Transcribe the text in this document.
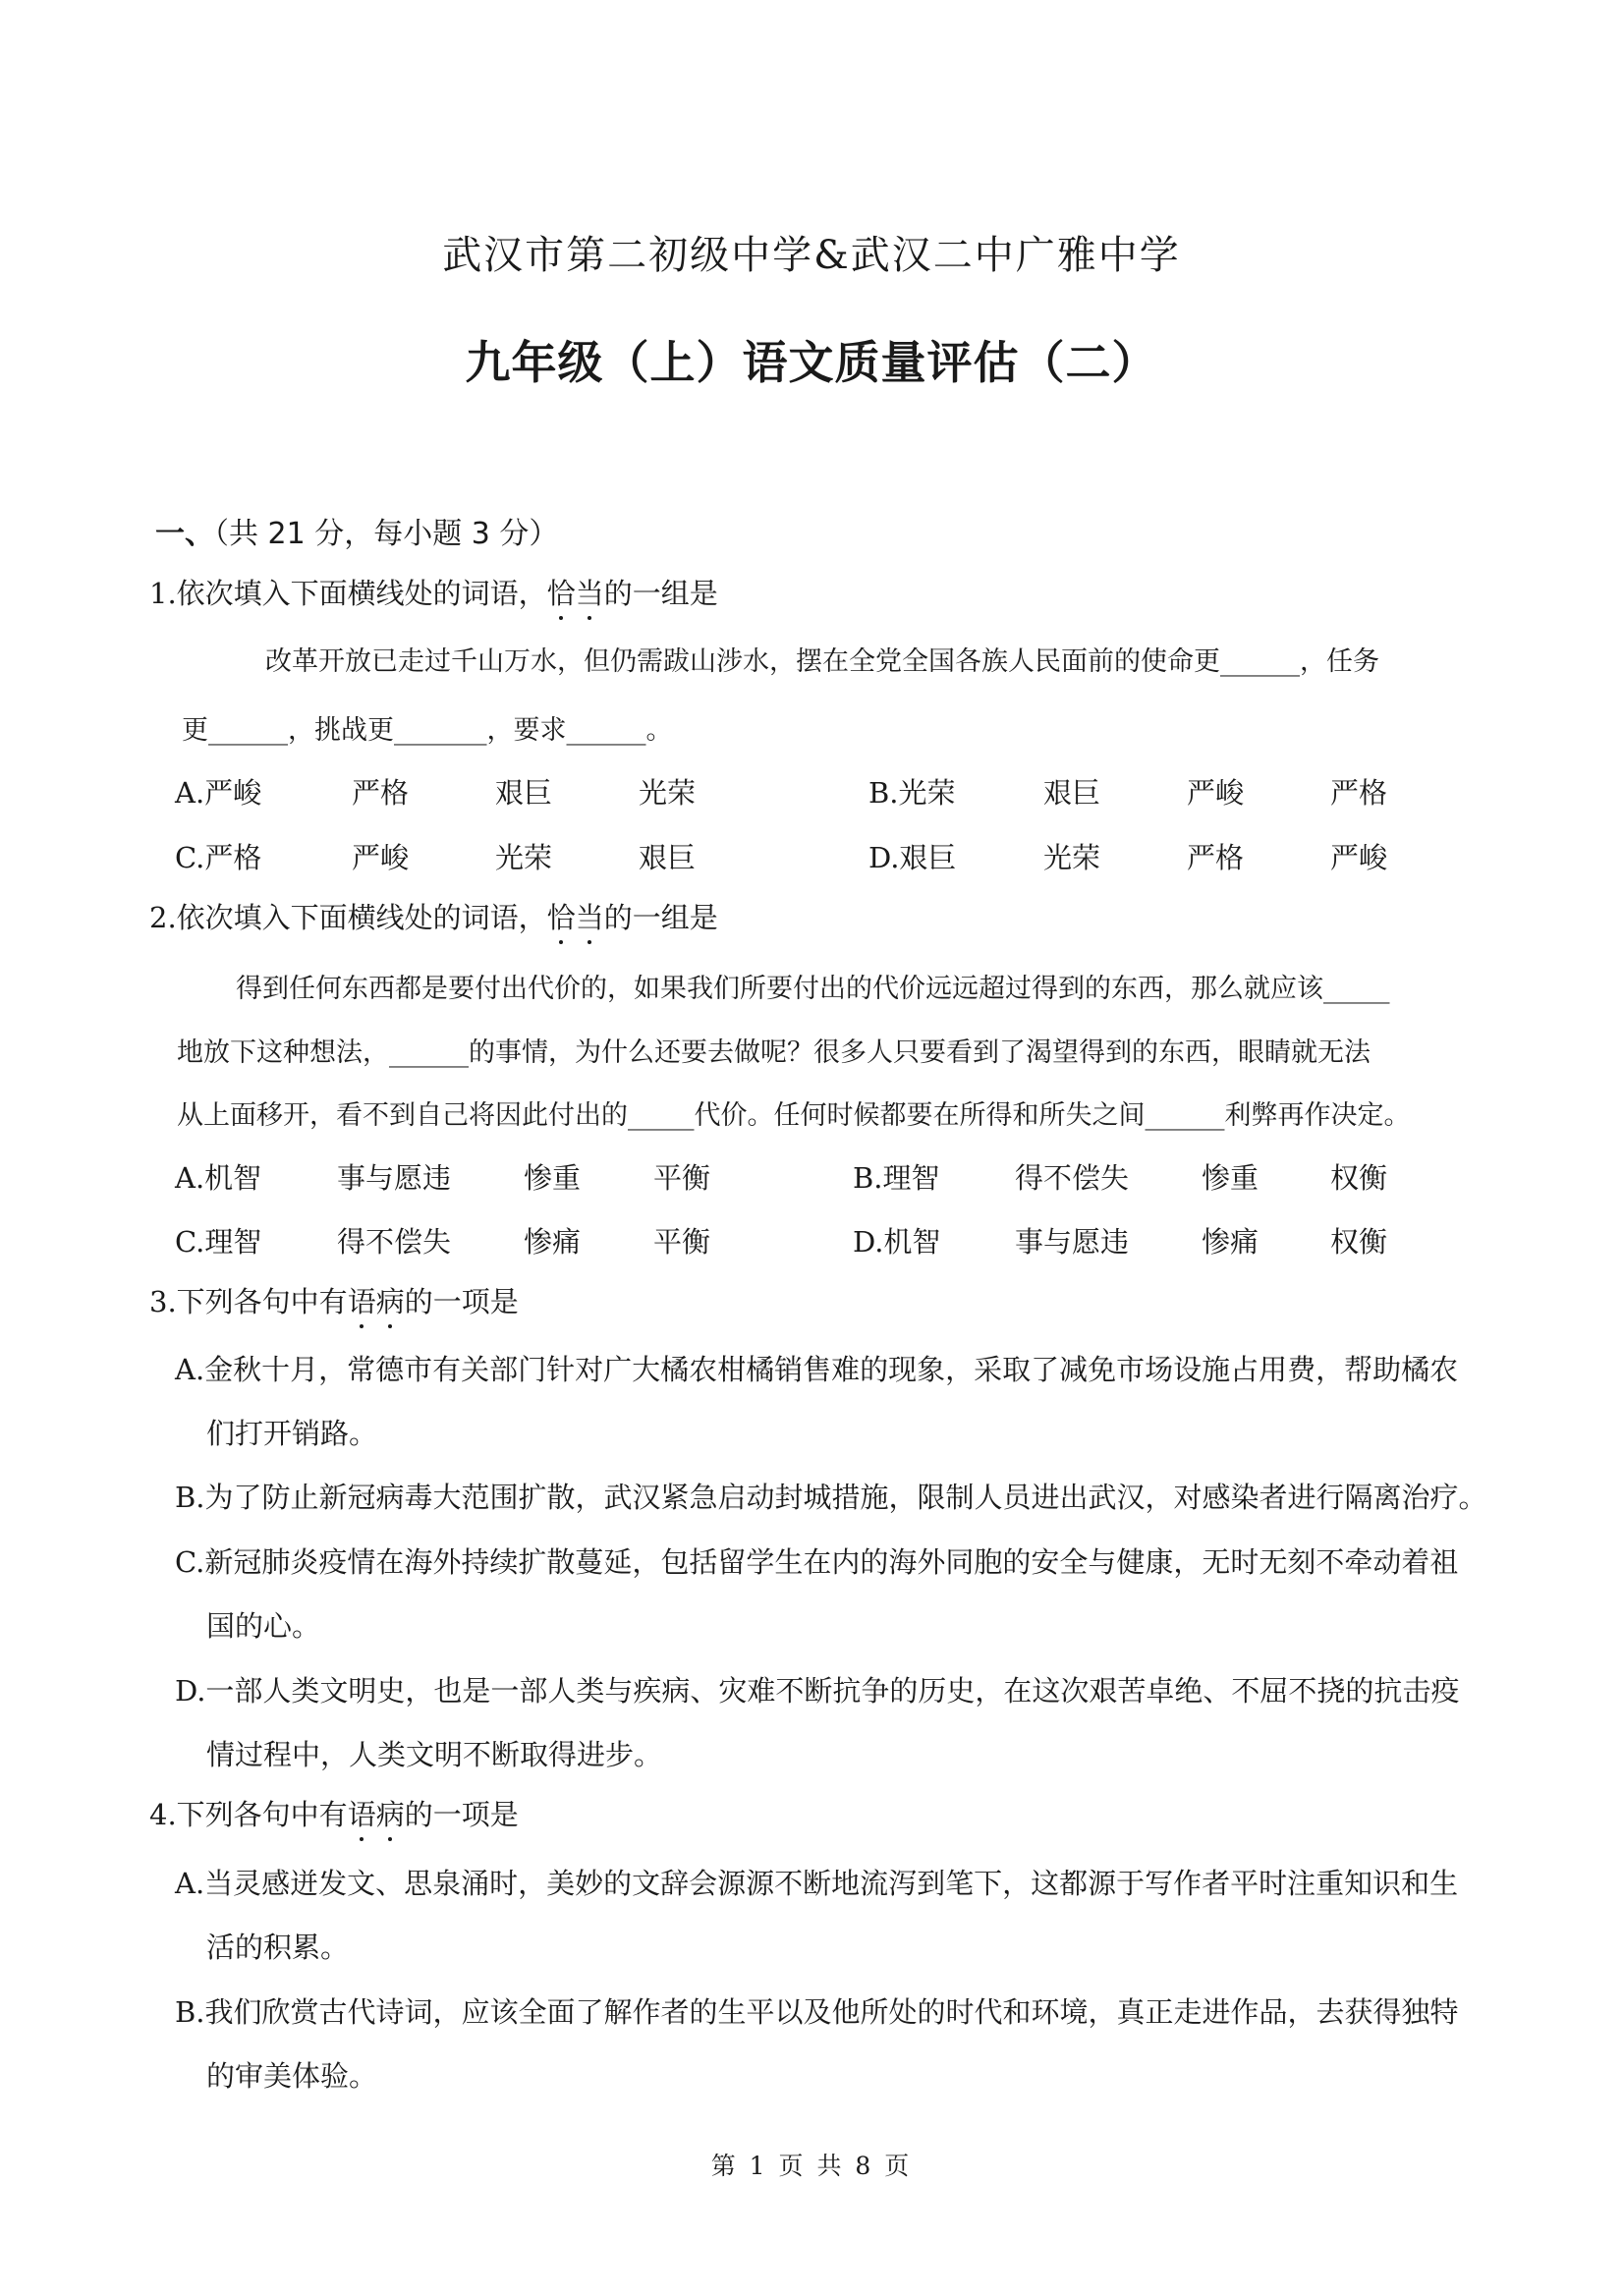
武汉市第二初级中学&武汉二中广雅中学
九年级（上）语文质量评估（二）
一、（共 21 分，每小题 3 分）
1.依次填入下面横线处的词语，恰当的一组是
改革开放已走过千山万水，但仍需跋山涉水，摆在全党全国各族人民面前的使命更______，任务
更______，挑战更_______，要求______。
A.严峻	严格	艰巨	光荣	B.光荣	艰巨	严峻	严格
C.严格	严峻	光荣	艰巨	D.艰巨	光荣	严格	严峻
2.依次填入下面横线处的词语，恰当的一组是
得到任何东西都是要付出代价的，如果我们所要付出的代价远远超过得到的东西，那么就应该_____
地放下这种想法，______的事情，为什么还要去做呢？很多人只要看到了渴望得到的东西，眼睛就无法
从上面移开，看不到自己将因此付出的_____代价。任何时候都要在所得和所失之间______利弊再作决定。
A.机智	事与愿违	惨重	平衡	B.理智	得不偿失	惨重	权衡
C.理智	得不偿失	惨痛	平衡	D.机智	事与愿违	惨痛	权衡
3.下列各句中有语病的一项是
A.金秋十月，常德市有关部门针对广大橘农柑橘销售难的现象，采取了减免市场设施占用费，帮助橘农
们打开销路。
B.为了防止新冠病毒大范围扩散，武汉紧急启动封城措施，限制人员进出武汉，对感染者进行隔离治疗。
C.新冠肺炎疫情在海外持续扩散蔓延，包括留学生在内的海外同胞的安全与健康，无时无刻不牵动着祖
国的心。
D.一部人类文明史，也是一部人类与疾病、灾难不断抗争的历史，在这次艰苦卓绝、不屈不挠的抗击疫
情过程中，人类文明不断取得进步。
4.下列各句中有语病的一项是
A.当灵感迸发文、思泉涌时，美妙的文辞会源源不断地流泻到笔下，这都源于写作者平时注重知识和生
活的积累。
B.我们欣赏古代诗词，应该全面了解作者的生平以及他所处的时代和环境，真正走进作品，去获得独特
的审美体验。
第 1 页 共 8 页
